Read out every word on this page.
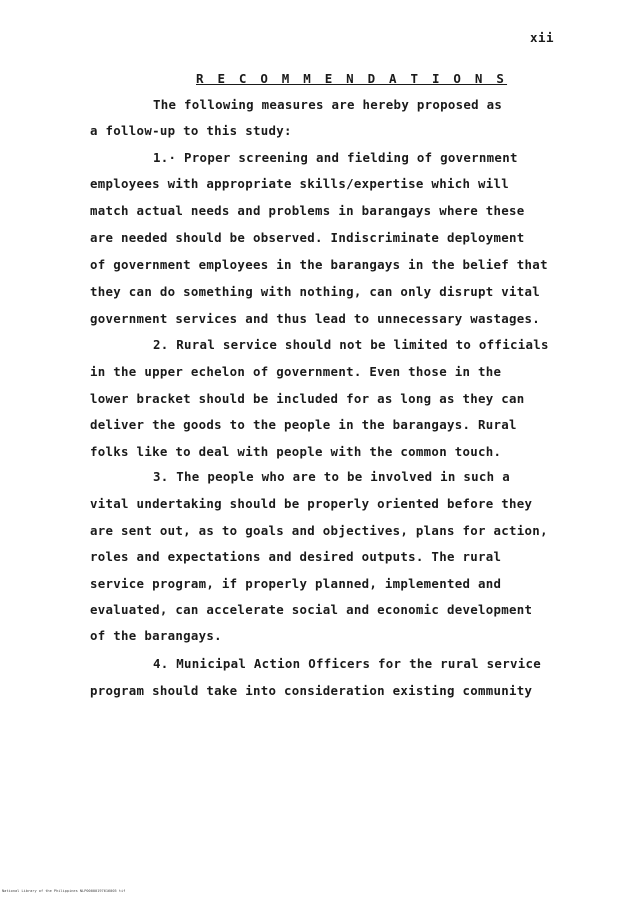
xii
R E C O M M E N D A T I O N S
The following measures are hereby proposed as
a follow-up to this study:
1.· Proper screening and fielding of government
employees with appropriate skills/expertise which will
match actual needs and problems in barangays where these
are needed should be observed. Indiscriminate deployment
of government employees in the barangays in the belief that
they can do something with nothing, can only disrupt vital
government services and thus lead to unnecessary wastages.
2. Rural service should not be limited to officials
in the upper echelon of government. Even those in the
lower bracket should be included for as long as they can
deliver the goods to the people in the barangays. Rural
folks like to deal with people with the common touch.
3. The people who are to be involved in such a
vital undertaking should be properly oriented before they
are sent out, as to goals and objectives, plans for action,
roles and expectations and desired outputs. The rural
service program, if properly planned, implemented and
evaluated, can accelerate social and economic development
of the barangays.
4. Municipal Action Officers for the rural service
program should take into consideration existing community
National Library of the Philippines NLP00000197616005 tif
